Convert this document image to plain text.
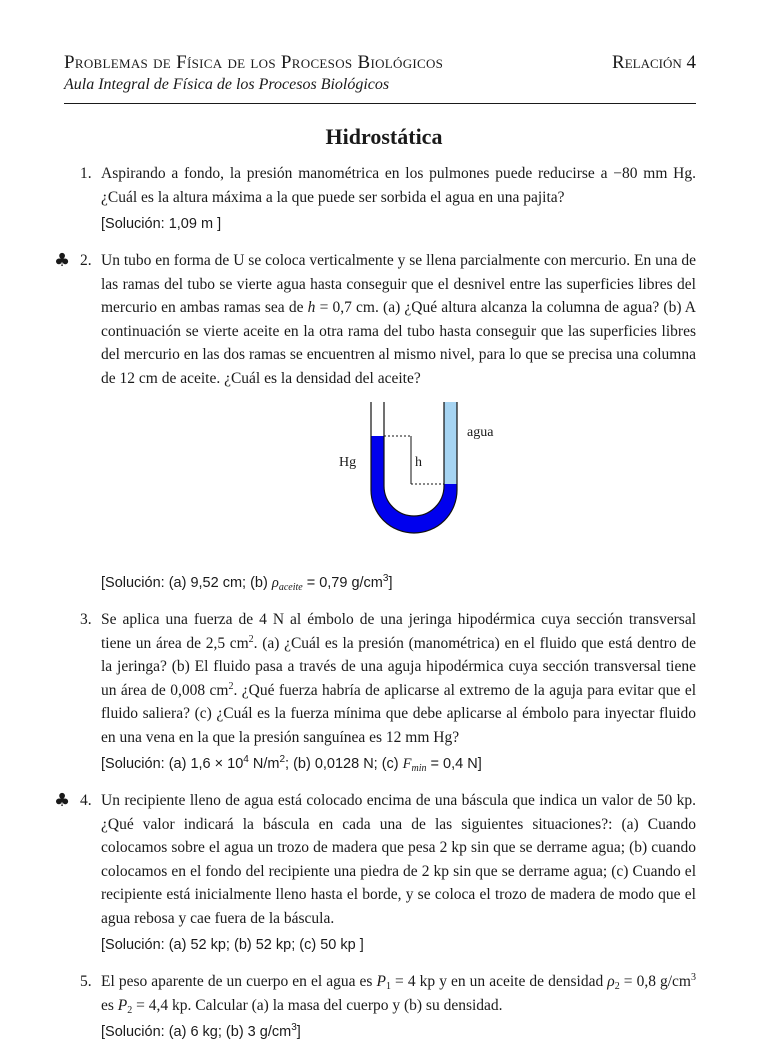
Problemas de Física de los Procesos Biológicos	Relación 4
Aula Integral de Física de los Procesos Biológicos
Hidrostática
1. Aspirando a fondo, la presión manométrica en los pulmones puede reducirse a −80 mm Hg. ¿Cuál es la altura máxima a la que puede ser sorbida el agua en una pajita?
[Solución: 1,09 m ]
♣ 2. Un tubo en forma de U se coloca verticalmente y se llena parcialmente con mercurio. En una de las ramas del tubo se vierte agua hasta conseguir que el desnivel entre las superficies libres del mercurio en ambas ramas sea de h = 0,7 cm. (a) ¿Qué altura alcanza la columna de agua? (b) A continuación se vierte aceite en la otra rama del tubo hasta conseguir que las superficies libres del mercurio en las dos ramas se encuentren al mismo nivel, para lo que se precisa una columna de 12 cm de aceite. ¿Cuál es la densidad del aceite?
Hg	h
agua
[Solución: (a) 9,52 cm; (b) $\rho_{aceite} = 0,79$ $g/cm^3$]
3. Se aplica una fuerza de 4 N al émbolo de una jeringa hipodérmica cuya sección transversal tiene un área de 2,5 $cm^2$. (a) ¿Cuál es la presión (manométrica) en el fluido que está dentro de la jeringa? (b) El fluido pasa a través de una aguja hipodérmica cuya sección transversal tiene un área de 0,008 $cm^2$. ¿Qué fuerza habría de aplicarse al extremo de la aguja para evitar que el fluido saliera? (c) ¿Cuál es la fuerza mínima que debe aplicarse al émbolo para inyectar fluido en una vena en la que la presión sanguínea es 12 mm Hg?
[Solución: (a) $1,6 \times 10^4$ $N/m^2$; (b) 0,0128 N; (c) $F_{min} = 0,4$ N]
♣ 4. Un recipiente lleno de agua está colocado encima de una báscula que indica un valor de 50 kp. ¿Qué valor indicará la báscula en cada una de las siguientes situaciones?: (a) Cuando colocamos sobre el agua un trozo de madera que pesa 2 kp sin que se derrame agua; (b) cuando colocamos en el fondo del recipiente una piedra de 2 kp sin que se derrame agua; (c) Cuando el recipiente está inicialmente lleno hasta el borde, y se coloca el trozo de madera de modo que el agua rebosa y cae fuera de la báscula.
[Solución: (a) 52 kp; (b) 52 kp; (c) 50 kp ]
5. El peso aparente de un cuerpo en el agua es $P_1 = 4$ kp y en un aceite de densidad $\rho_2 = 0,8$ $g/cm^3$ es $P_2 = 4,4$ kp. Calcular (a) la masa del cuerpo y (b) su densidad.
[Solución: (a) 6 kg; (b) 3 $g/cm^3$]
